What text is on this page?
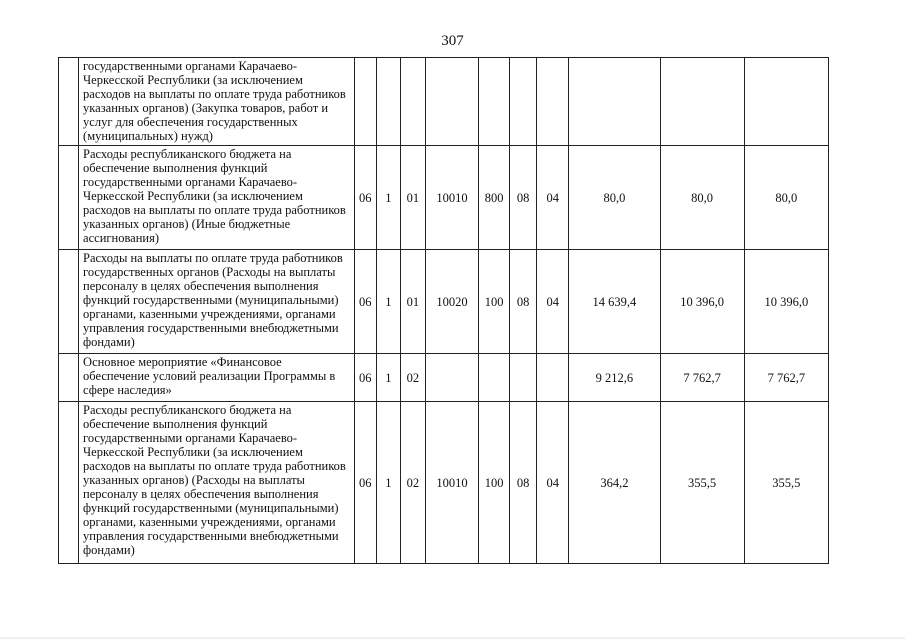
307
	государственными органами Карачаево-Черкесской Республики (за исключением расходов на выплаты по оплате труда работников указанных органов) (Закупка товаров, работ и услуг для обеспечения государственных (муниципальных) нужд)										
	Расходы республиканского бюджета на обеспечение выполнения функций государственными органами Карачаево-Черкесской Республики (за исключением расходов на выплаты по оплате труда работников указанных органов) (Иные бюджетные ассигнования)	06	1	01	10010	800	08	04	80,0	80,0	80,0
	Расходы на выплаты по оплате труда работников государственных органов (Расходы на выплаты персоналу в целях обеспечения выполнения функций государственными (муниципальными) органами, казенными учреждениями, органами управления государственными внебюджетными фондами)	06	1	01	10020	100	08	04	14 639,4	10 396,0	10 396,0
	Основное мероприятие «Финансовое обеспечение условий реализации Программы в сфере наследия»	06	1	02					9 212,6	7 762,7	7 762,7
	Расходы республиканского бюджета на обеспечение выполнения функций государственными органами Карачаево-Черкесской Республики (за исключением расходов на выплаты по оплате труда работников указанных органов) (Расходы на выплаты персоналу в целях обеспечения выполнения функций государственными (муниципальными) органами, казенными учреждениями, органами управления государственными внебюджетными фондами)	06	1	02	10010	100	08	04	364,2	355,5	355,5
